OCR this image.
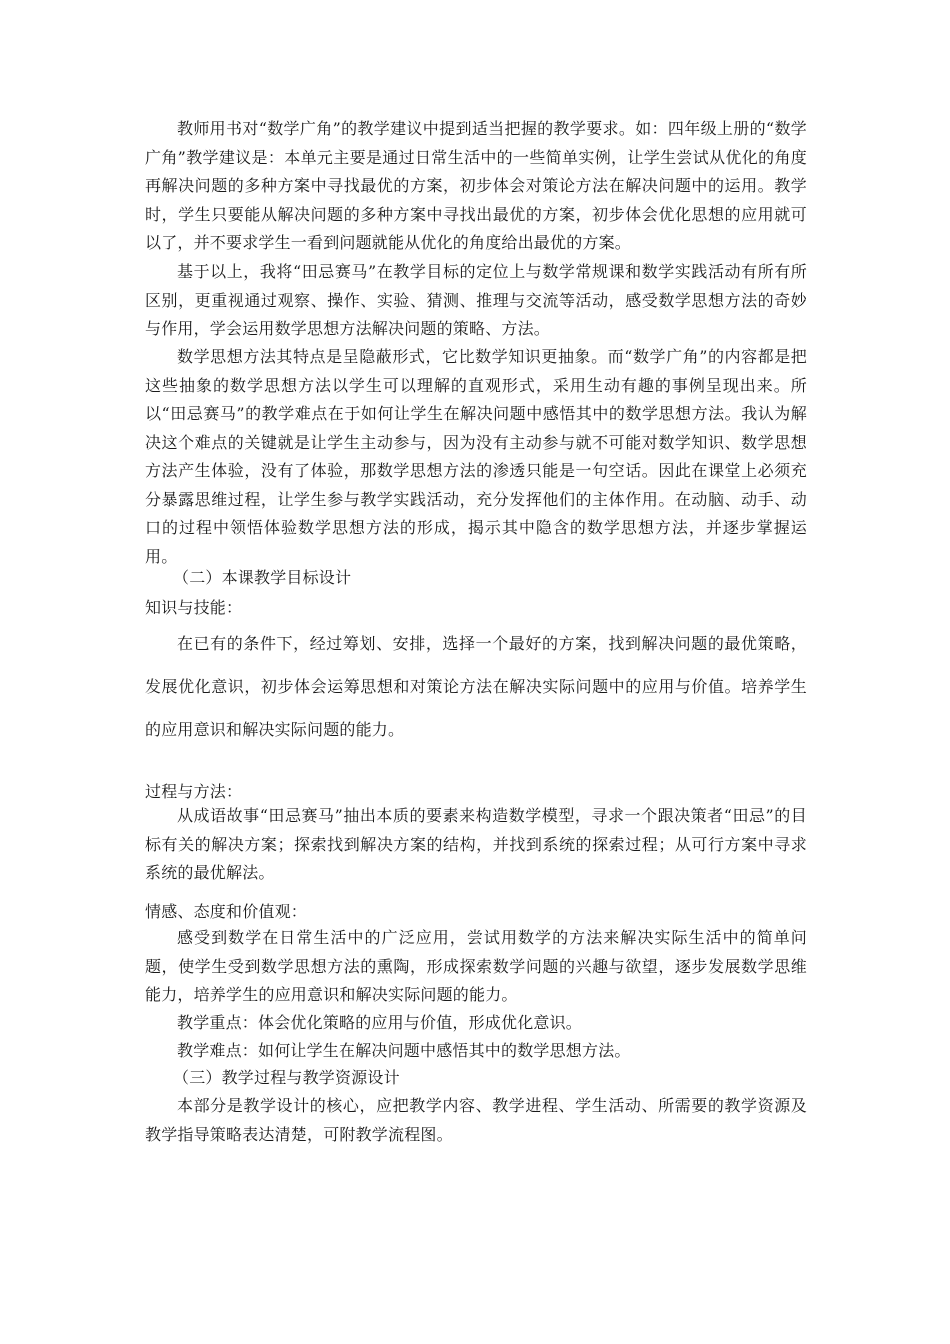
教师用书对“数学广角”的教学建议中提到适当把握的教学要求。如：四年级上册的“数学广角”教学建议是：本单元主要是通过日常生活中的一些简单实例，让学生尝试从优化的角度再解决问题的多种方案中寻找最优的方案，初步体会对策论方法在解决问题中的运用。教学时，学生只要能从解决问题的多种方案中寻找出最优的方案，初步体会优化思想的应用就可以了，并不要求学生一看到问题就能从优化的角度给出最优的方案。

基于以上，我将“田忌赛马”在教学目标的定位上与数学常规课和数学实践活动有所有所区别，更重视通过观察、操作、实验、猜测、推理与交流等活动，感受数学思想方法的奇妙与作用，学会运用数学思想方法解决问题的策略、方法。

数学思想方法其特点是呈隐蔽形式，它比数学知识更抽象。而“数学广角”的内容都是把这些抽象的数学思想方法以学生可以理解的直观形式，采用生动有趣的事例呈现出来。所以“田忌赛马”的教学难点在于如何让学生在解决问题中感悟其中的数学思想方法。我认为解决这个难点的关键就是让学生主动参与，因为没有主动参与就不可能对数学知识、数学思想方法产生体验，没有了体验，那数学思想方法的渗透只能是一句空话。因此在课堂上必须充分暴露思维过程，让学生参与教学实践活动，充分发挥他们的主体作用。在动脑、动手、动口的过程中领悟体验数学思想方法的形成，揭示其中隐含的数学思想方法，并逐步掌握运用。

（二）本课教学目标设计

知识与技能：

在已有的条件下，经过筹划、安排，选择一个最好的方案，找到解决问题的最优策略，发展优化意识，初步体会运筹思想和对策论方法在解决实际问题中的应用与价值。培养学生的应用意识和解决实际问题的能力。

过程与方法：

从成语故事“田忌赛马”抽出本质的要素来构造数学模型，寻求一个跟决策者“田忌”的目标有关的解决方案；探索找到解决方案的结构，并找到系统的探索过程；从可行方案中寻求系统的最优解法。

情感、态度和价值观：

感受到数学在日常生活中的广泛应用，尝试用数学的方法来解决实际生活中的简单问题，使学生受到数学思想方法的熏陶，形成探索数学问题的兴趣与欲望，逐步发展数学思维能力，培养学生的应用意识和解决实际问题的能力。

教学重点：体会优化策略的应用与价值，形成优化意识。

教学难点：如何让学生在解决问题中感悟其中的数学思想方法。

（三）教学过程与教学资源设计

本部分是教学设计的核心，应把教学内容、教学进程、学生活动、所需要的教学资源及教学指导策略表达清楚，可附教学流程图。
